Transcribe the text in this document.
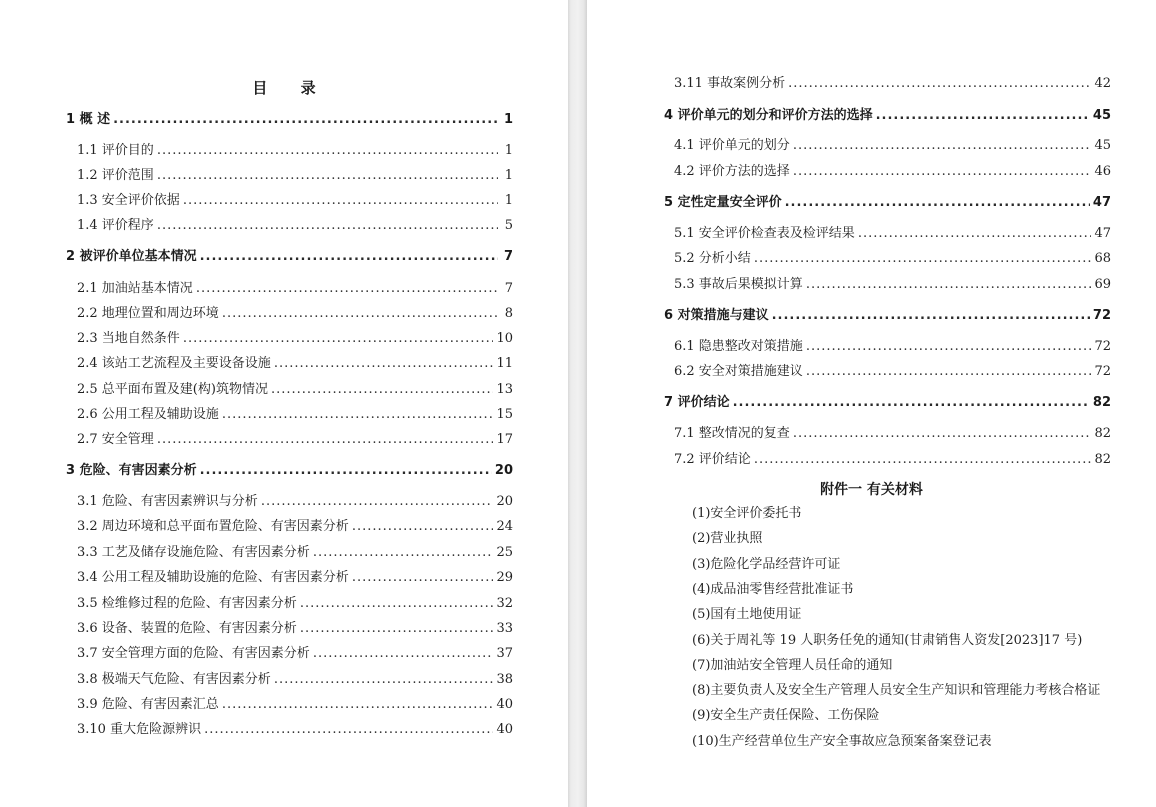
目 录
1 概 述 .....	1
1.1 评价目的 .....	1
1.2 评价范围 .....	1
1.3 安全评价依据 .....	1
1.4 评价程序 .....	5
2 被评价单位基本情况 .....	7
2.1 加油站基本情况 .....	7
2.2 地理位置和周边环境 .....	8
2.3 当地自然条件 .....	10
2.4 该站工艺流程及主要设备设施 .....	11
2.5 总平面布置及建(构)筑物情况 .....	13
2.6 公用工程及辅助设施 .....	15
2.7 安全管理 .....	17
3 危险、有害因素分析 .....	20
3.1 危险、有害因素辨识与分析 .....	20
3.2 周边环境和总平面布置危险、有害因素分析 .....	24
3.3 工艺及储存设施危险、有害因素分析 .....	25
3.4 公用工程及辅助设施的危险、有害因素分析 .....	29
3.5 检维修过程的危险、有害因素分析 .....	32
3.6 设备、装置的危险、有害因素分析 .....	33
3.7 安全管理方面的危险、有害因素分析 .....	37
3.8 极端天气危险、有害因素分析 .....	38
3.9 危险、有害因素汇总 .....	40
3.10 重大危险源辨识 .....	40
3.11 事故案例分析 .....	42
4 评价单元的划分和评价方法的选择 .....	45
4.1 评价单元的划分 .....	45
4.2 评价方法的选择 .....	46
5 定性定量安全评价 .....	47
5.1 安全评价检查表及检评结果 .....	47
5.2 分析小结 .....	68
5.3 事故后果模拟计算 .....	69
6 对策措施与建议 .....	72
6.1 隐患整改对策措施 .....	72
6.2 安全对策措施建议 .....	72
7 评价结论 .....	82
7.1 整改情况的复查 .....	82
7.2 评价结论 .....	82
附件一 有关材料
(1)安全评价委托书
(2)营业执照
(3)危险化学品经营许可证
(4)成品油零售经营批准证书
(5)国有土地使用证
(6)关于周礼等 19 人职务任免的通知(甘肃销售人资发[2023]17 号)
(7)加油站安全管理人员任命的通知
(8)主要负责人及安全生产管理人员安全生产知识和管理能力考核合格证
(9)安全生产责任保险、工伤保险
(10)生产经营单位生产安全事故应急预案备案登记表
